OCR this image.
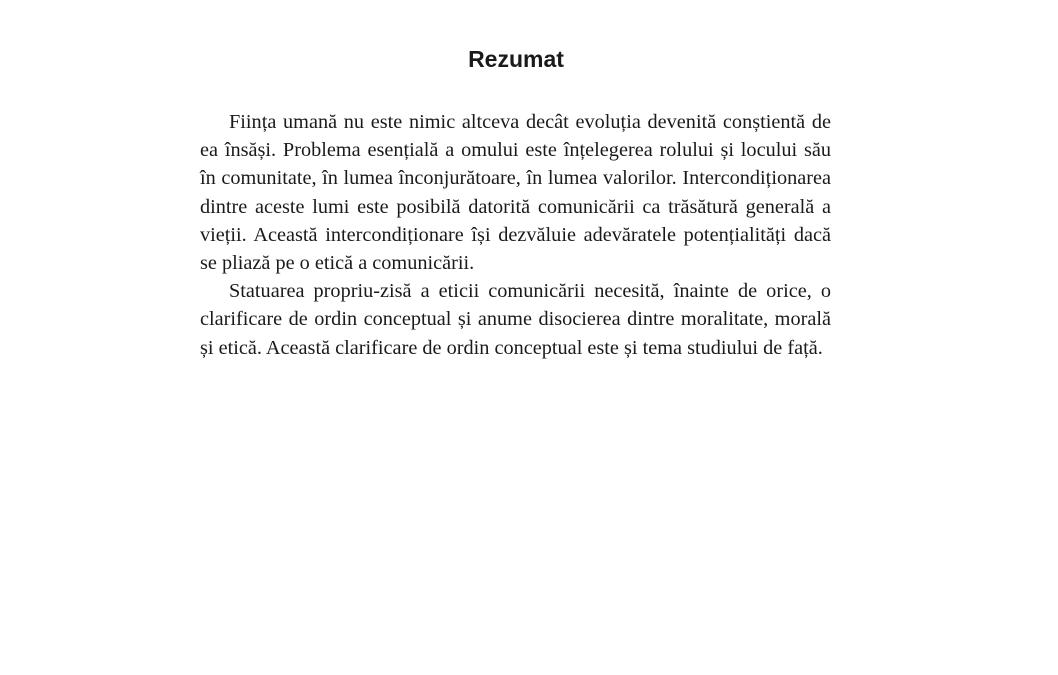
Rezumat

Ființa umană nu este nimic altceva decât evoluția devenită conștientă de ea însăși. Problema esențială a omului este înțelegerea rolului și locului său în comunitate, în lumea înconjurătoare, în lumea valorilor. Intercondiționarea dintre aceste lumi este posibilă datorită comunicării ca trăsătură generală a vieții. Această intercondiționare își dezvăluie adevăratele potențialități dacă se pliază pe o etică a comunicării.

Statuarea propriu-zisă a eticii comunicării necesită, înainte de orice, o clarificare de ordin conceptual și anume disocierea dintre moralitate, morală și etică. Această clarificare de ordin conceptual este și tema studiului de față.
